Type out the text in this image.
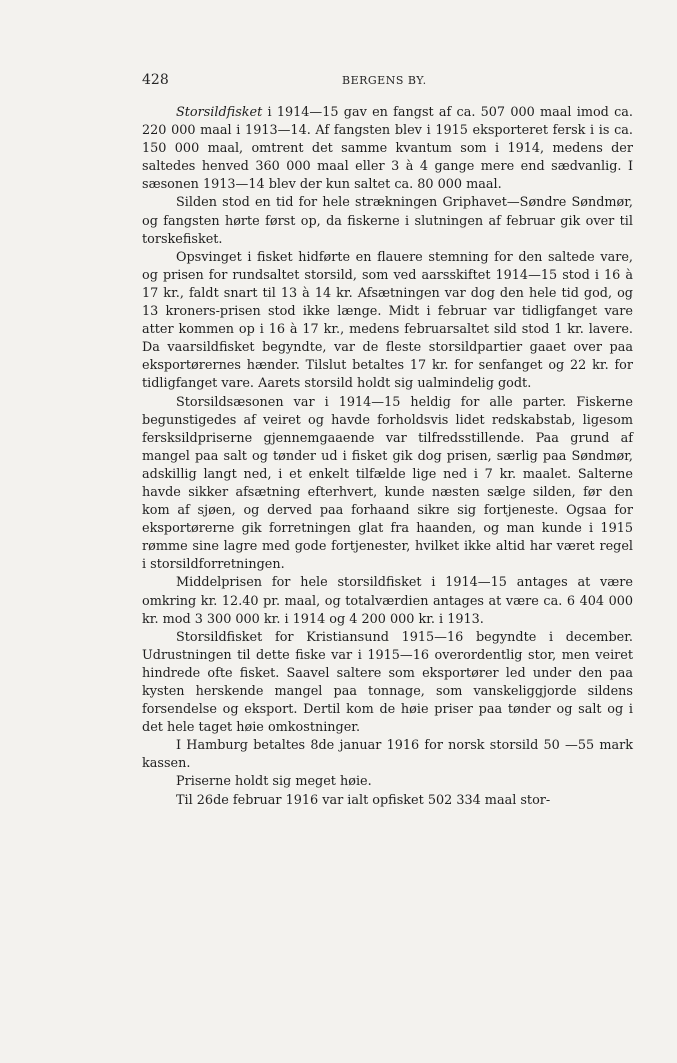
428	BERGENS BY.

Storsildfisket i 1914—15 gav en fangst af ca. 507 000 maal imod ca. 220 000 maal i 1913—14. Af fangsten blev i 1915 eksporteret fersk i is ca. 150 000 maal, omtrent det samme kvantum som i 1914, medens der saltedes henved 360 000 maal eller 3 à 4 gange mere end sædvanlig. I sæsonen 1913—14 blev der kun saltet ca. 80 000 maal.

Silden stod en tid for hele strækningen Griphavet—Søndre Søndmør, og fangsten hørte først op, da fiskerne i slutningen af februar gik over til torskefisket.

Opsvinget i fisket hidførte en flauere stemning for den saltede vare, og prisen for rundsaltet storsild, som ved aarsskiftet 1914—15 stod i 16 à 17 kr., faldt snart til 13 à 14 kr. Afsætningen var dog den hele tid god, og 13 kroners-prisen stod ikke længe. Midt i februar var tidligfanget vare atter kommen op i 16 à 17 kr., medens februarsaltet sild stod 1 kr. lavere. Da vaarsildfisket begyndte, var de fleste storsildpartier gaaet over paa eksportørernes hænder. Tilslut betaltes 17 kr. for senfanget og 22 kr. for tidligfanget vare. Aarets storsild holdt sig ualmindelig godt.

Storsildsæsonen var i 1914—15 heldig for alle parter. Fiskerne begunstigedes af veiret og havde forholdsvis lidet redskabstab, ligesom fersksildpriserne gjennemgaaende var tilfredsstillende. Paa grund af mangel paa salt og tønder ud i fisket gik dog prisen, særlig paa Søndmør, adskillig langt ned, i et enkelt tilfælde lige ned i 7 kr. maalet. Salterne havde sikker afsætning efterhvert, kunde næsten sælge silden, før den kom af sjøen, og derved paa forhaand sikre sig fortjeneste. Ogsaa for eksportørerne gik forretningen glat fra haanden, og man kunde i 1915 rømme sine lagre med gode fortjenester, hvilket ikke altid har været regel i storsildforretningen.

Middelprisen for hele storsildfisket i 1914—15 antages at være omkring kr. 12.40 pr. maal, og totalværdien antages at være ca. 6 404 000 kr. mod 3 300 000 kr. i 1914 og 4 200 000 kr. i 1913.

Storsildfisket for Kristiansund 1915—16 begyndte i december. Udrustningen til dette fiske var i 1915—16 overordentlig stor, men veiret hindrede ofte fisket. Saavel saltere som eksportører led under den paa kysten herskende mangel paa tonnage, som vanskeliggjorde sildens forsendelse og eksport. Dertil kom de høie priser paa tønder og salt og i det hele taget høie omkostninger.

I Hamburg betaltes 8de januar 1916 for norsk storsild 50 —55 mark kassen.

Priserne holdt sig meget høie.

Til 26de februar 1916 var ialt opfisket 502 334 maal stor-
